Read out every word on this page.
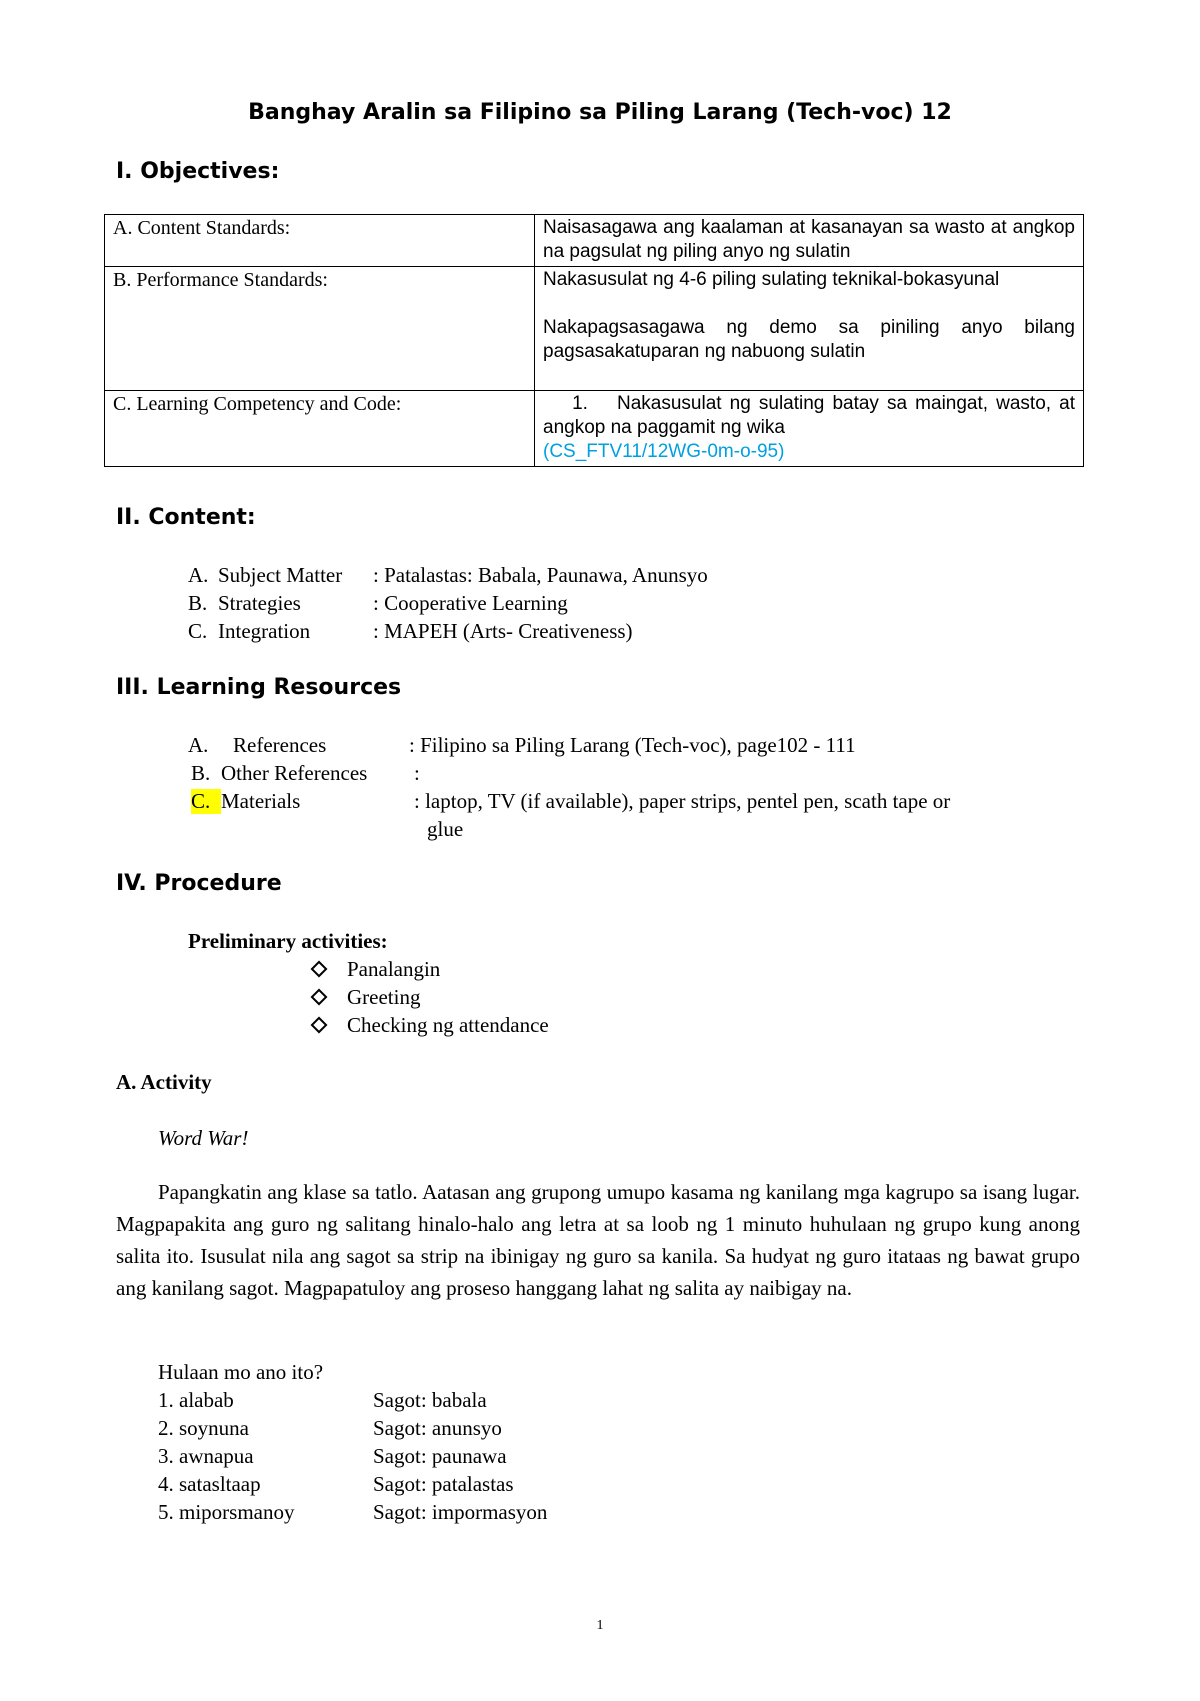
Banghay Aralin sa Filipino sa Piling Larang (Tech-voc) 12
I. Objectives:
A. Content Standards:	Naisasagawa ang kaalaman at kasanayan sa wasto at angkop na pagsulat ng piling anyo ng sulatin
B. Performance Standards:	Nakasusulat ng 4-6 piling sulating teknikal-bokasyunal
Nakapagsasagawa ng demo sa piniling anyo bilang pagsasakatuparan ng nabuong sulatin

C. Learning Competency and Code:	1. Nakasusulat ng sulating batay sa maingat, wasto, at angkop na paggamit ng wika
(CS_FTV11/12WG-0m-o-95)
II. Content:
A. Subject Matter : Patalastas: Babala, Paunawa, Anunsyo
B. Strategies	: Cooperative Learning
C. Integration	: MAPEH (Arts- Creativeness)
III. Learning Resources
A. References	: Filipino sa Piling Larang (Tech-voc), page102 - 111
B. Other References :
C. Materials	: laptop, TV (if available), paper strips, pentel pen, scath tape or
glue
IV. Procedure
Preliminary activities:
Panalangin
Greeting
Checking ng attendance
A. Activity
Word War!
Papangkatin ang klase sa tatlo. Aatasan ang grupong umupo kasama ng kanilang mga kagrupo sa isang lugar. Magpapakita ang guro ng salitang hinalo-halo ang letra at sa loob ng 1 minuto huhulaan ng grupo kung anong salita ito. Isusulat nila ang sagot sa strip na ibinigay ng guro sa kanila. Sa hudyat ng guro itataas ng bawat grupo ang kanilang sagot. Magpapatuloy ang proseso hanggang lahat ng salita ay naibigay na.
Hulaan mo ano ito?
1. alabab	Sagot: babala
2. soynuna	Sagot: anunsyo
3. awnapua	Sagot: paunawa
4. satasltaap	Sagot: patalastas
5. miporsmanoy	Sagot: impormasyon
1
